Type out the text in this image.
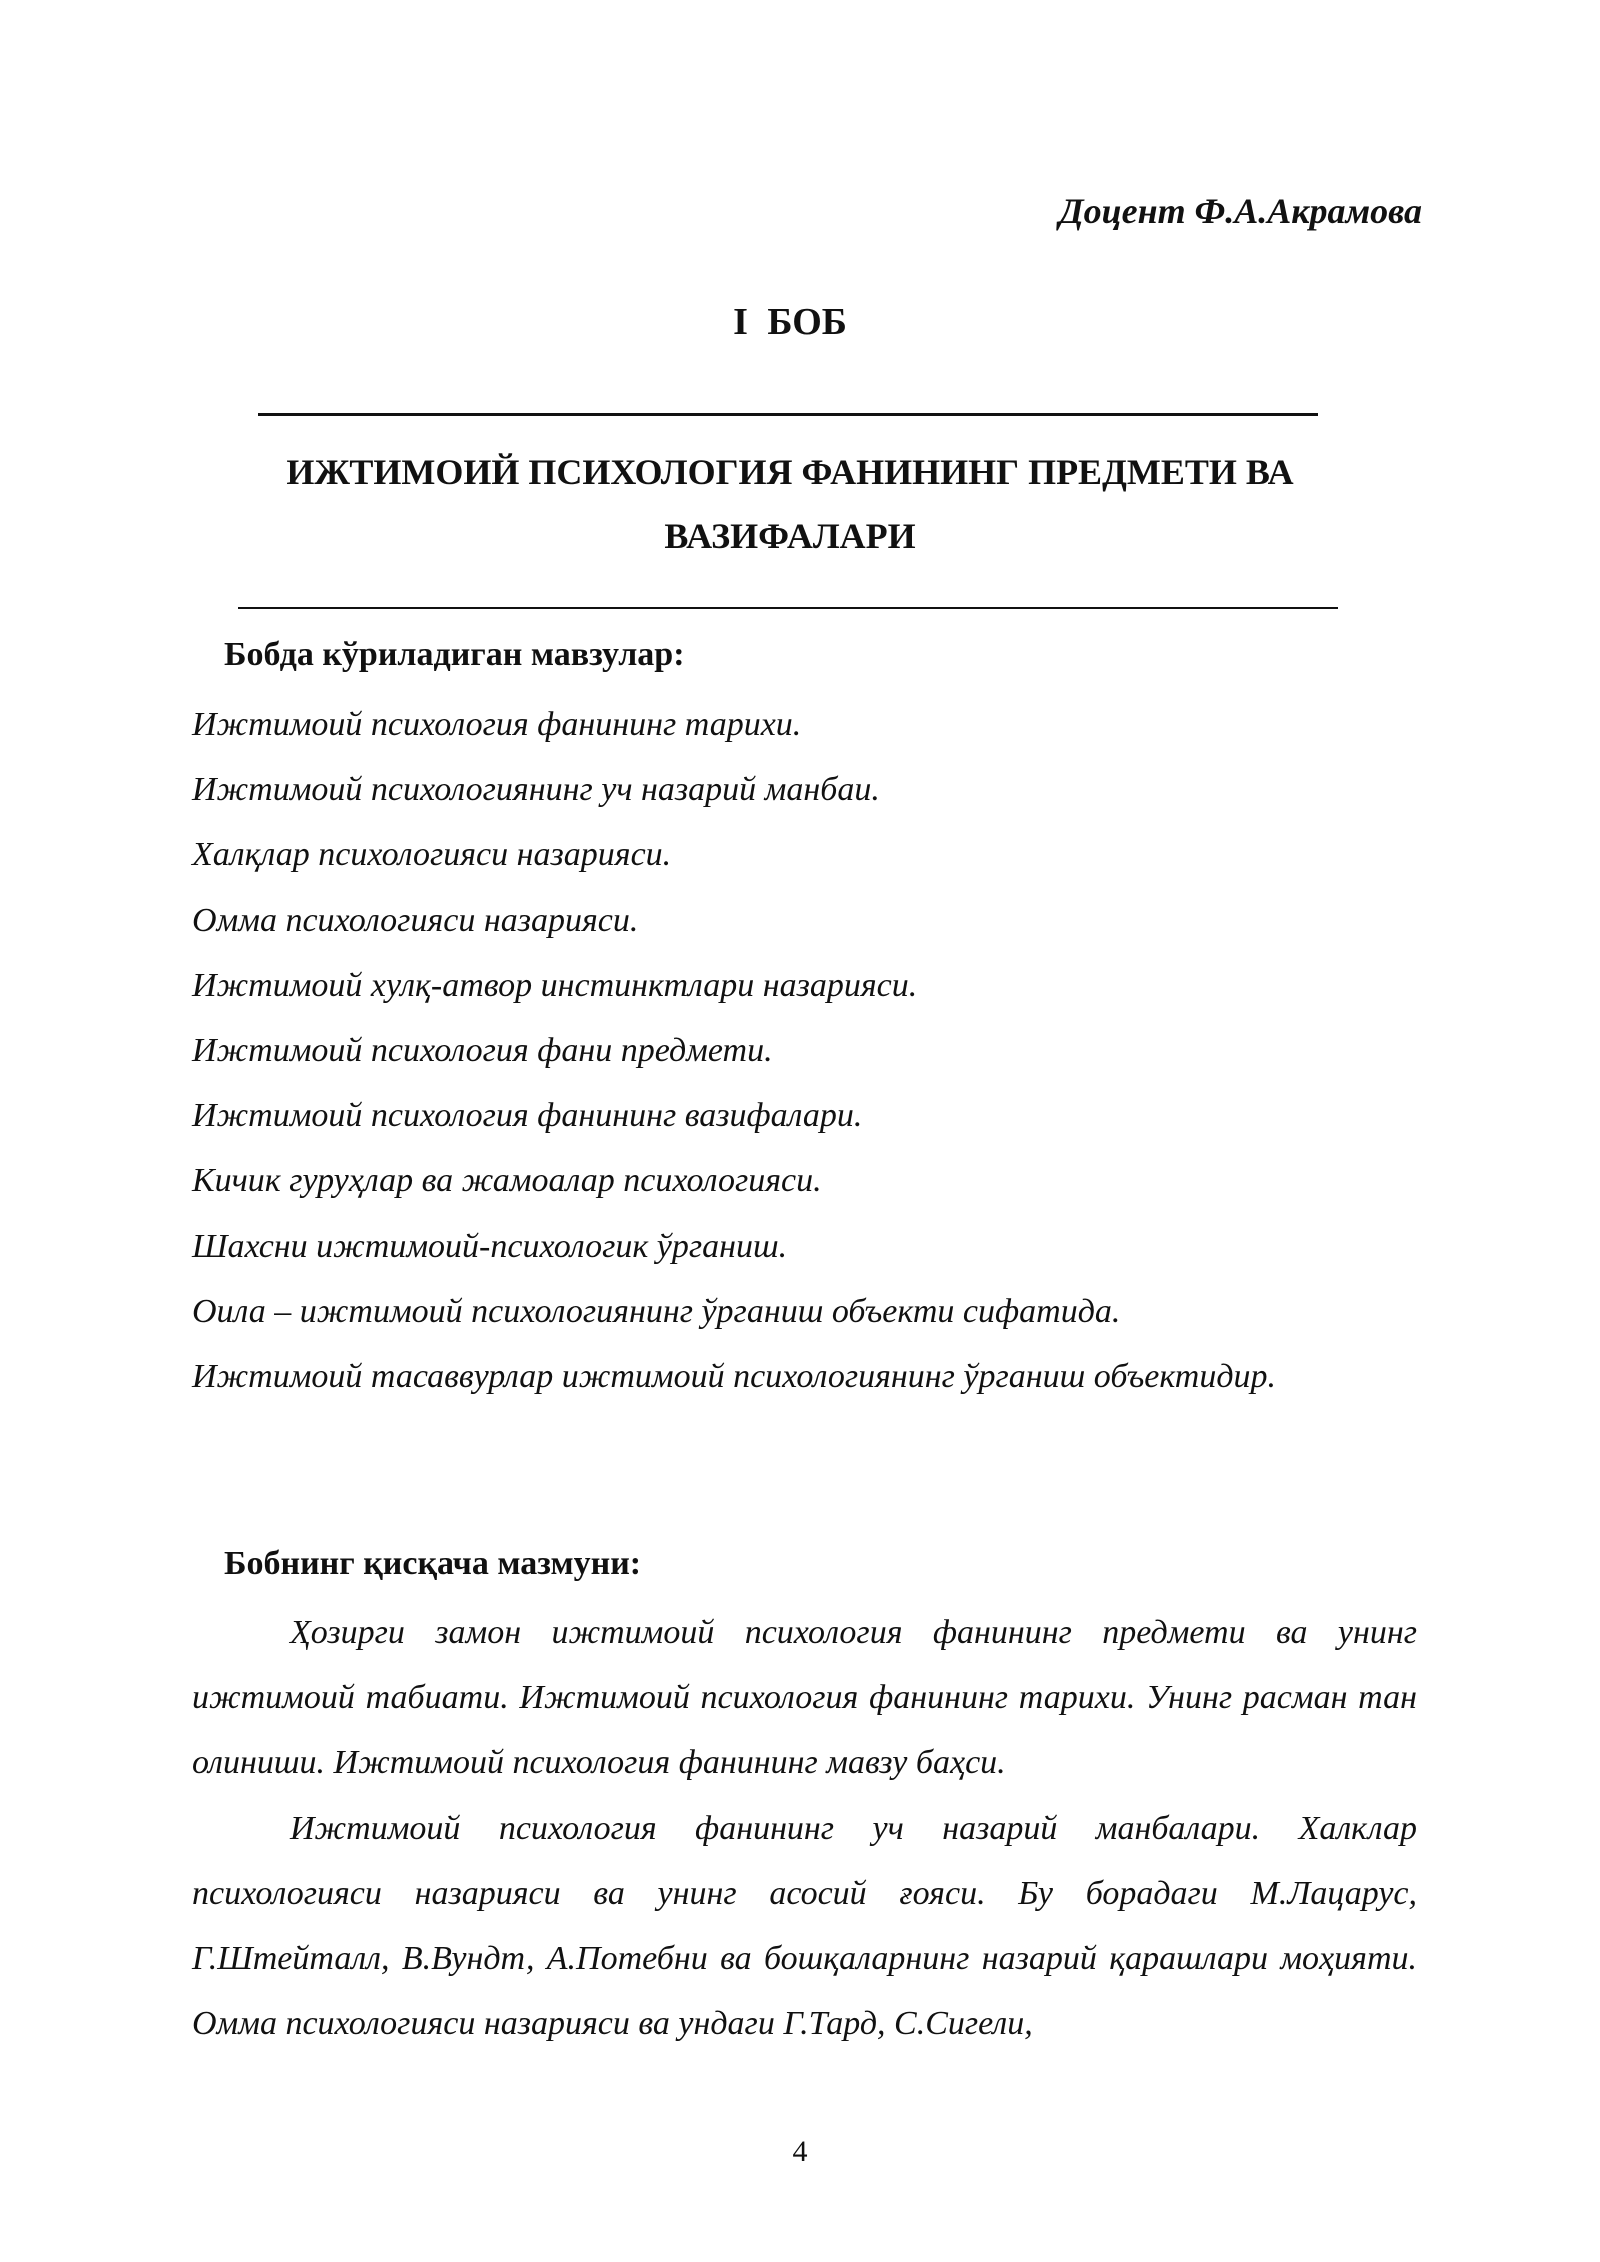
Доцент Ф.А.Акрамова

I БОБ
ИЖТИМОИЙ ПСИХОЛОГИЯ ФАНИНИНГ ПРЕДМЕТИ ВА ВАЗИФАЛАРИ
Бобда кўриладиган мавзулар:
Ижтимоий психология фанининг тарихи.
Ижтимоий психологиянинг уч назарий манбаи.
Халқлар психологияси назарияси.
Омма психологияси назарияси.
Ижтимоий хулқ-атвор инстинктлари назарияси.
Ижтимоий психология фани предмети.
Ижтимоий психология фанининг вазифалари.
Кичик гуруҳлар ва жамоалар психологияси.
Шахсни ижтимоий-психологик ўрганиш.
Оила – ижтимоий психологиянинг ўрганиш объекти сифатида.
Ижтимоий тасаввурлар ижтимоий психологиянинг ўрганиш объектидир.
Бобнинг қисқача мазмуни:

Ҳозирги замон ижтимоий психология фанининг предмети ва унинг ижтимоий табиати. Ижтимоий психология фанининг тарихи. Унинг расман тан олиниши. Ижтимоий психология фанининг мавзу баҳси.

Ижтимоий психология фанининг уч назарий манбалари. Халклар психологияси назарияси ва унинг асосий ғояси. Бу борадаги М.Лацарус, Г.Штейталл, В.Вундт, А.Потебни ва бошқаларнинг назарий қарашлари моҳияти. Омма психологияси назарияси ва ундаги Г.Тард, С.Сигели,

4
